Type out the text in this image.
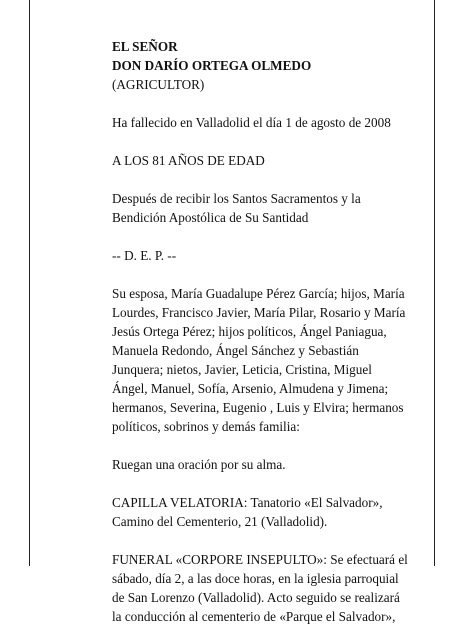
EL SEÑOR
DON DARÍO ORTEGA OLMEDO
(AGRICULTOR)

Ha fallecido en Valladolid el día 1 de agosto de 2008

A LOS 81 AÑOS DE EDAD

Después de recibir los Santos Sacramentos y la
Bendición Apostólica de Su Santidad

-- D. E. P. --

Su esposa, María Guadalupe Pérez García; hijos, María
Lourdes, Francisco Javier, María Pilar, Rosario y María
Jesús Ortega Pérez; hijos políticos, Ángel Paniagua,
Manuela Redondo, Ángel Sánchez y Sebastián
Junquera; nietos, Javier, Leticia, Cristina, Miguel
Ángel, Manuel, Sofía, Arsenio, Almudena y Jimena;
hermanos, Severina, Eugenio , Luis y Elvira; hermanos
políticos, sobrinos y demás familia:

Ruegan una oración por su alma.

CAPILLA VELATORIA: Tanatorio «El Salvador»,
Camino del Cementerio, 21 (Valladolid).

FUNERAL «CORPORE INSEPULTO»: Se efectuará el
sábado, día 2, a las doce horas, en la iglesia parroquial
de San Lorenzo (Valladolid). Acto seguido se realizará
la conducción al cementerio de «Parque el Salvador»,
